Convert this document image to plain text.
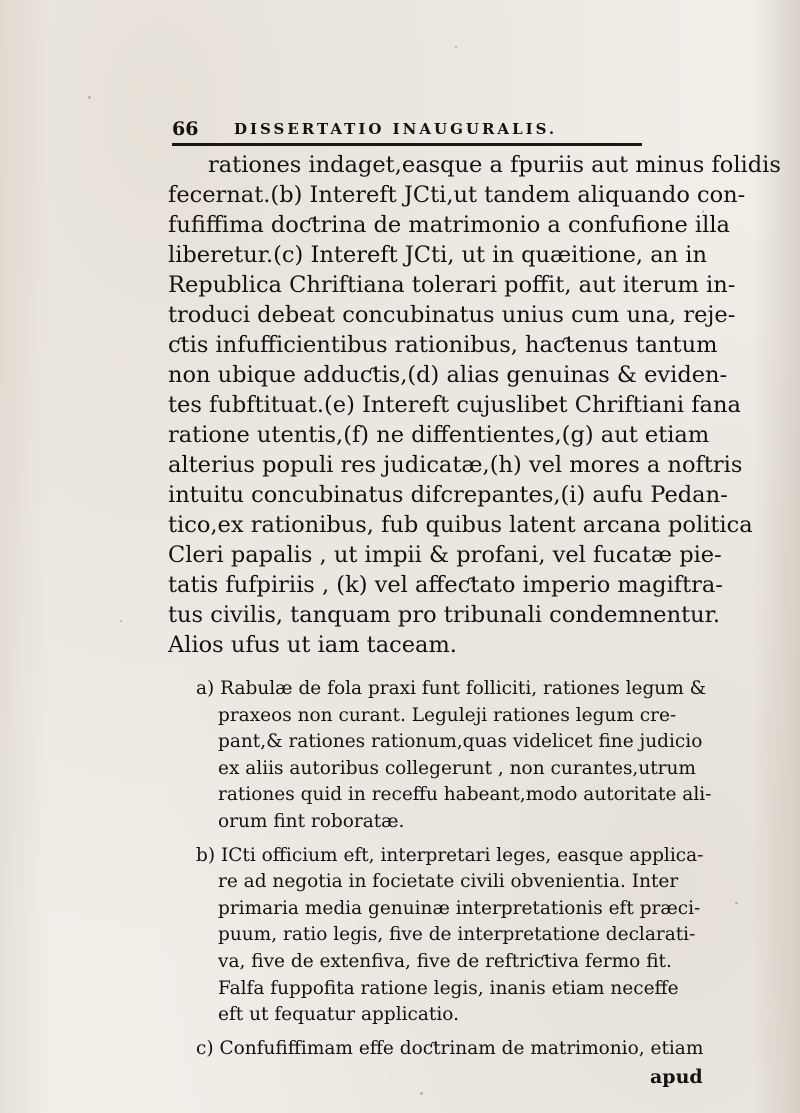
66 DISSERTATIO INAUGURALIS.
rationes indaget,easque a fpuriis aut minus folidis
fecernat.(b) Intereft JCti,ut tandem aliquando con-
fufiffima doƈtrina de matrimonio a confufione illa
liberetur.(c) Intereft JCti, ut in quæitione, an in
Republica Chriftiana tolerari poffit, aut iterum in-
troduci debeat concubinatus unius cum una, reje-
ƈtis infufficientibus rationibus, haƈtenus tantum
non ubique adduƈtis,(d) alias genuinas & eviden-
tes fubftituat.(e) Intereft cujuslibet Chriftiani fana
ratione utentis,(f) ne diffentientes,(g) aut etiam
alterius populi res judicatæ,(h) vel mores a noftris
intuitu concubinatus difcrepantes,(i) aufu Pedan-
tico,ex rationibus, fub quibus latent arcana politica
Cleri papalis , ut impii & profani, vel fucatæ pie-
tatis fufpiriis , (k) vel affeƈtato imperio magiftra-
tus civilis, tanquam pro tribunali condemnentur.
Alios ufus ut iam taceam.
a) Rabulæ de fola praxi funt folliciti, rationes legum &
praxeos non curant. Leguleji rationes legum cre-
pant,& rationes rationum,quas videlicet fine judicio
ex aliis autoribus collegerunt , non curantes,utrum
rationes quid in receffu habeant,modo autoritate ali-
orum fint roboratæ.
b) ICti officium eft, interpretari leges, easque applica-
re ad negotia in focietate civili obvenientia. Inter
primaria media genuinæ interpretationis eft præci-
puum, ratio legis, five de interpretatione declarati-
va, five de extenfiva, five de reftriƈtiva fermo fit.
Falfa fuppofita ratione legis, inanis etiam neceffe
eft ut fequatur applicatio.
c) Confufiffimam effe doƈtrinam de matrimonio, etiam
apud
